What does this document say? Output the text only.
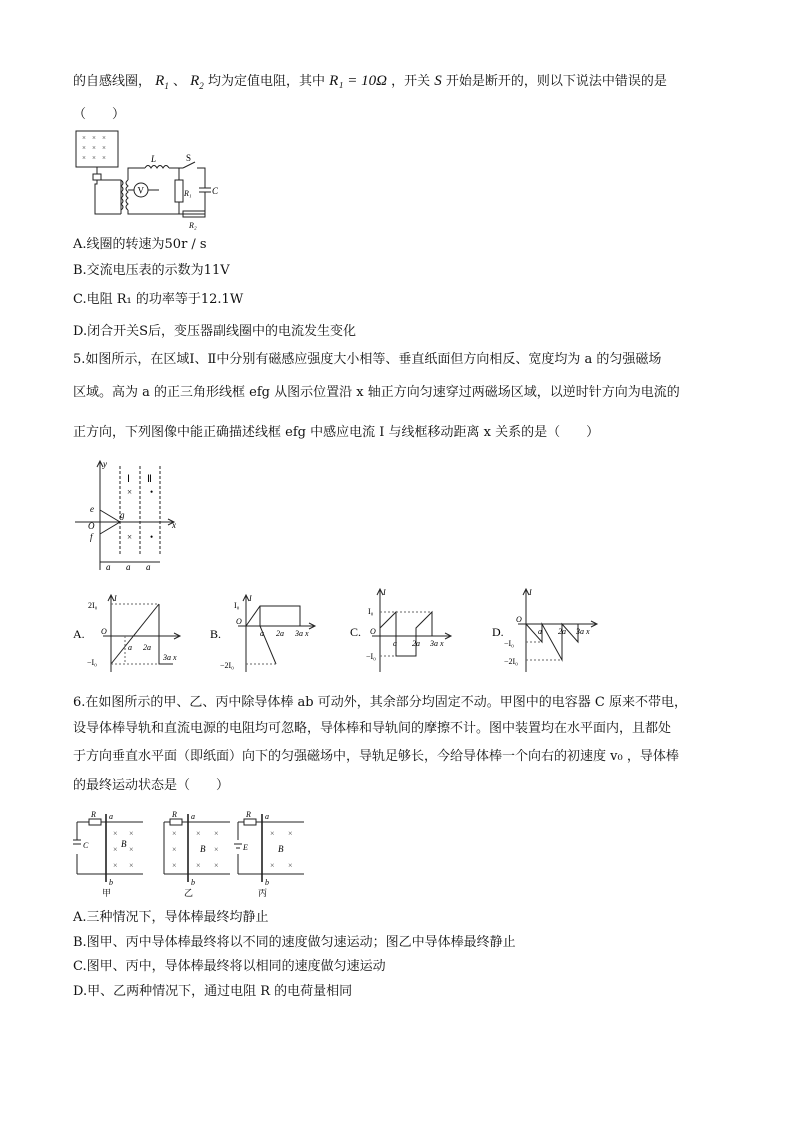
的自感线圈， $R_1$ 、 $R_2$ 均为定值电阻，其中 R₁ = 10Ω ，开关 S 开始是断开的，则以下说法中错误的是
（　　）
× × ×
× × ×
× × ×	L	S
C
V	R₁
R₂
A.线圈的转速为50r / s
B.交流电压表的示数为11V
C.电阻 R₁ 的功率等于12.1W
D.闭合开关S后，变压器副线圈中的电流发生变化
5.如图所示，在区域Ⅰ、Ⅱ中分别有磁感应强度大小相等、垂直纸面但方向相反、宽度均为 a 的匀强磁场
区域。高为 a 的正三角形线框 efg 从图示位置沿 x 轴正方向匀速穿过两磁场区域，以逆时针方向为电流的
正方向，下列图像中能正确描述线框 efg 中感应电流 I 与线框移动距离 x 关系的是（　　）
y
x
Ⅰ Ⅱ
× •
× •
e
g
O
f
a a a
A.
I
2I₀
O
−I₀
a 2a
3a x
B.
I
I₀
O
−2I₀
a 2a 3a x	C.
I
I₀
O
−I₀
a 2a 3a x
D.
I
O
−I₀
−2I₀
a 2a 3a x
6.在如图所示的甲、乙、丙中除导体棒 ab 可动外，其余部分均固定不动。甲图中的电容器 C 原来不带电，
设导体棒导轨和直流电源的电阻均可忽略，导体棒和导轨间的摩擦不计。图中装置均在水平面内，且都处
于方向垂直水平面（即纸面）向下的匀强磁场中，导轨足够长，今给导体棒一个向右的初速度 v₀ ，导体棒
的最终运动状态是（　　）
R
C
a
b
× ×
× ×
× ×
B
甲
R a
b
× × ×
×	×
× × ×
B
乙
R
E
a
b
× ×
× ×
B
丙
A.三种情况下，导体棒最终均静止
B.图甲、丙中导体棒最终将以不同的速度做匀速运动；图乙中导体棒最终静止
C.图甲、丙中，导体棒最终将以相同的速度做匀速运动
D.甲、乙两种情况下，通过电阻 R 的电荷量相同
